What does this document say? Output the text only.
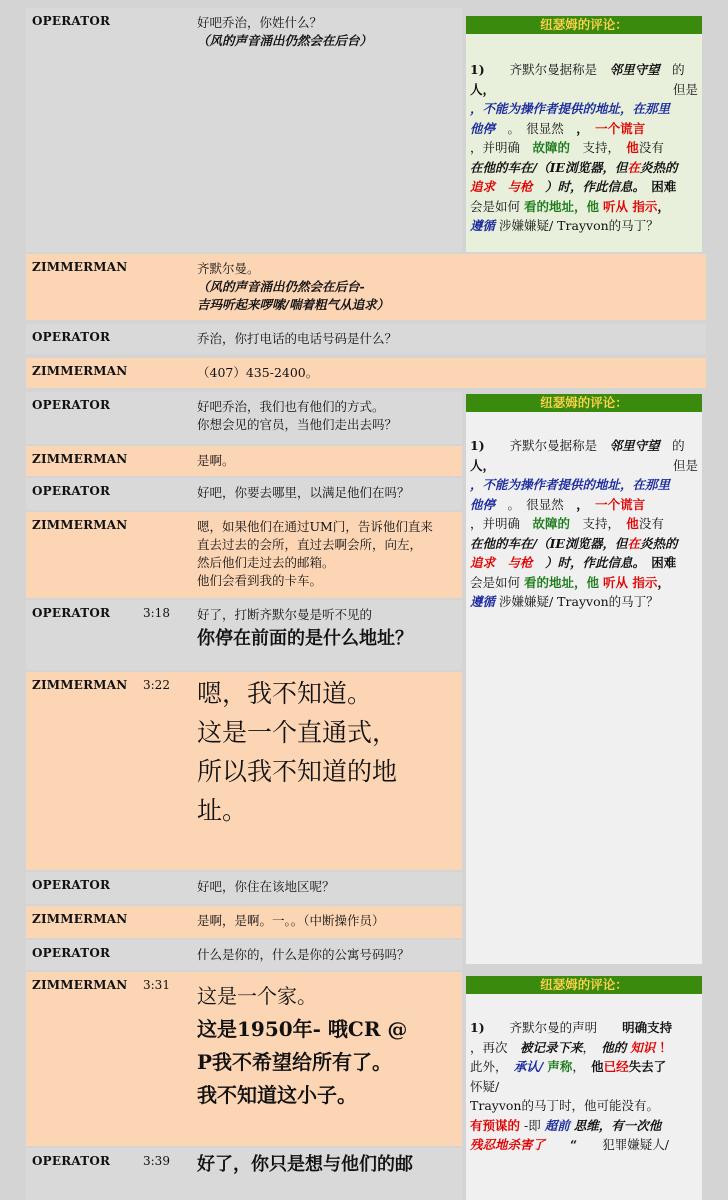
OPERATOR	好吧乔治，你姓什么？
（风的声音涌出仍然会在后台）
纽瑟姆的评论：
1)　　齐默尔曼据称是　邻里守望　的
人，	但是
，不能为操作者提供的地址，在那里
他停　。　很显然　，　 一个谎言
，并明确　故障的　支持，　他没有
在他的车在/（IE浏览器，但在炎热的
追求　与枪　）时，作此信息。　 困难
会是如何 看的地址，他 听从 指示，
遵循 涉嫌嫌疑/ Trayvon的马丁？
ZIMMERMAN	齐默尔曼。
（风的声音涌出仍然会在后台-
吉玛听起来啰嗦/喘着粗气从追求）
OPERATOR	乔治，你打电话的电话号码是什么？
ZIMMERMAN	（407）435-2400。
OPERATOR	好吧乔治，我们也有他们的方式。
你想会见的官员，当他们走出去吗？
ZIMMERMAN	是啊。
OPERATOR	好吧，你要去哪里，以满足他们在吗？
ZIMMERMAN	嗯，如果他们在通过UM门，告诉他们直来
直去过去的会所，直过去啊会所，向左，
然后他们走过去的邮箱。
他们会看到我的卡车。
纽瑟姆的评论：
1)　　齐默尔曼据称是　邻里守望　的
人，	但是
，不能为操作者提供的地址，在那里
他停　。　很显然　，　 一个谎言
，并明确　故障的　支持，　他没有
在他的车在/（IE浏览器，但在炎热的
追求　与枪　）时，作此信息。　 困难
会是如何 看的地址，他 听从 指示，
遵循 涉嫌嫌疑/ Trayvon的马丁？
OPERATOR	3:18 好了，打断齐默尔曼是听不见的
你停在前面的是什么地址？
ZIMMERMAN 3:22 嗯，我不知道。
这是一个直通式，
所以我不知道的地
址。
OPERATOR	好吧，你住在该地区呢？
ZIMMERMAN	是啊，是啊。一。。（中断操作员）
OPERATOR	什么是你的，什么是你的公寓号码吗？
ZIMMERMAN 3:31 这是一个家。
这是1950年- 哦CR @
P我不希望给所有了。
我不知道这小子。
OPERATOR	3:39 好了，你只是想与他们的邮
纽瑟姆的评论：
1)　　齐默尔曼的声明　　明确支持
，再次　被记录下来，　他的 知识 ！
此外，　承认/ 声称，　他已经失去了
怀疑/
Trayvon的马丁时，他可能没有。
有预谋的 -即 超前 思维，有一次他
残忍地杀害了　　 “　　犯罪嫌疑人/
